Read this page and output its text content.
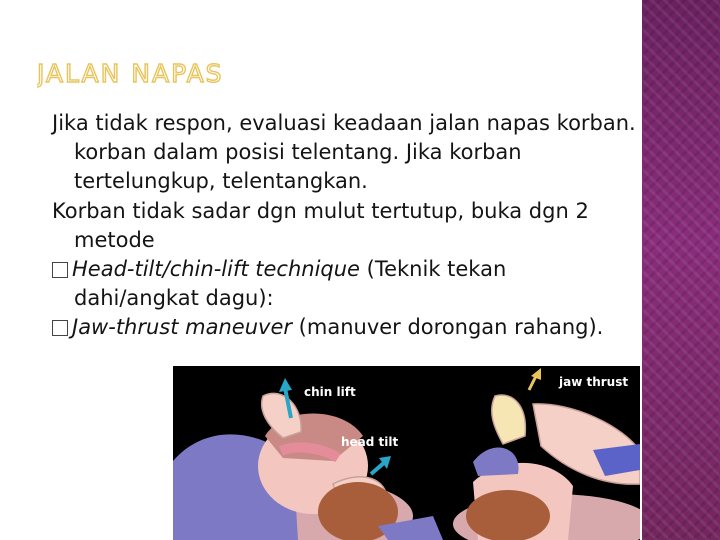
JALAN NAPAS

Jika tidak respon, evaluasi keadaan jalan napas korban. korban dalam posisi telentang. Jika korban tertelungkup, telentangkan.

Korban tidak sadar dgn mulut tertutup, buka dgn 2 metode

Head-tilt/chin-lift technique (Teknik tekan dahi/angkat dagu):

Jaw-thrust maneuver (manuver dorongan rahang).

chin lift
head tilt
jaw thrust
